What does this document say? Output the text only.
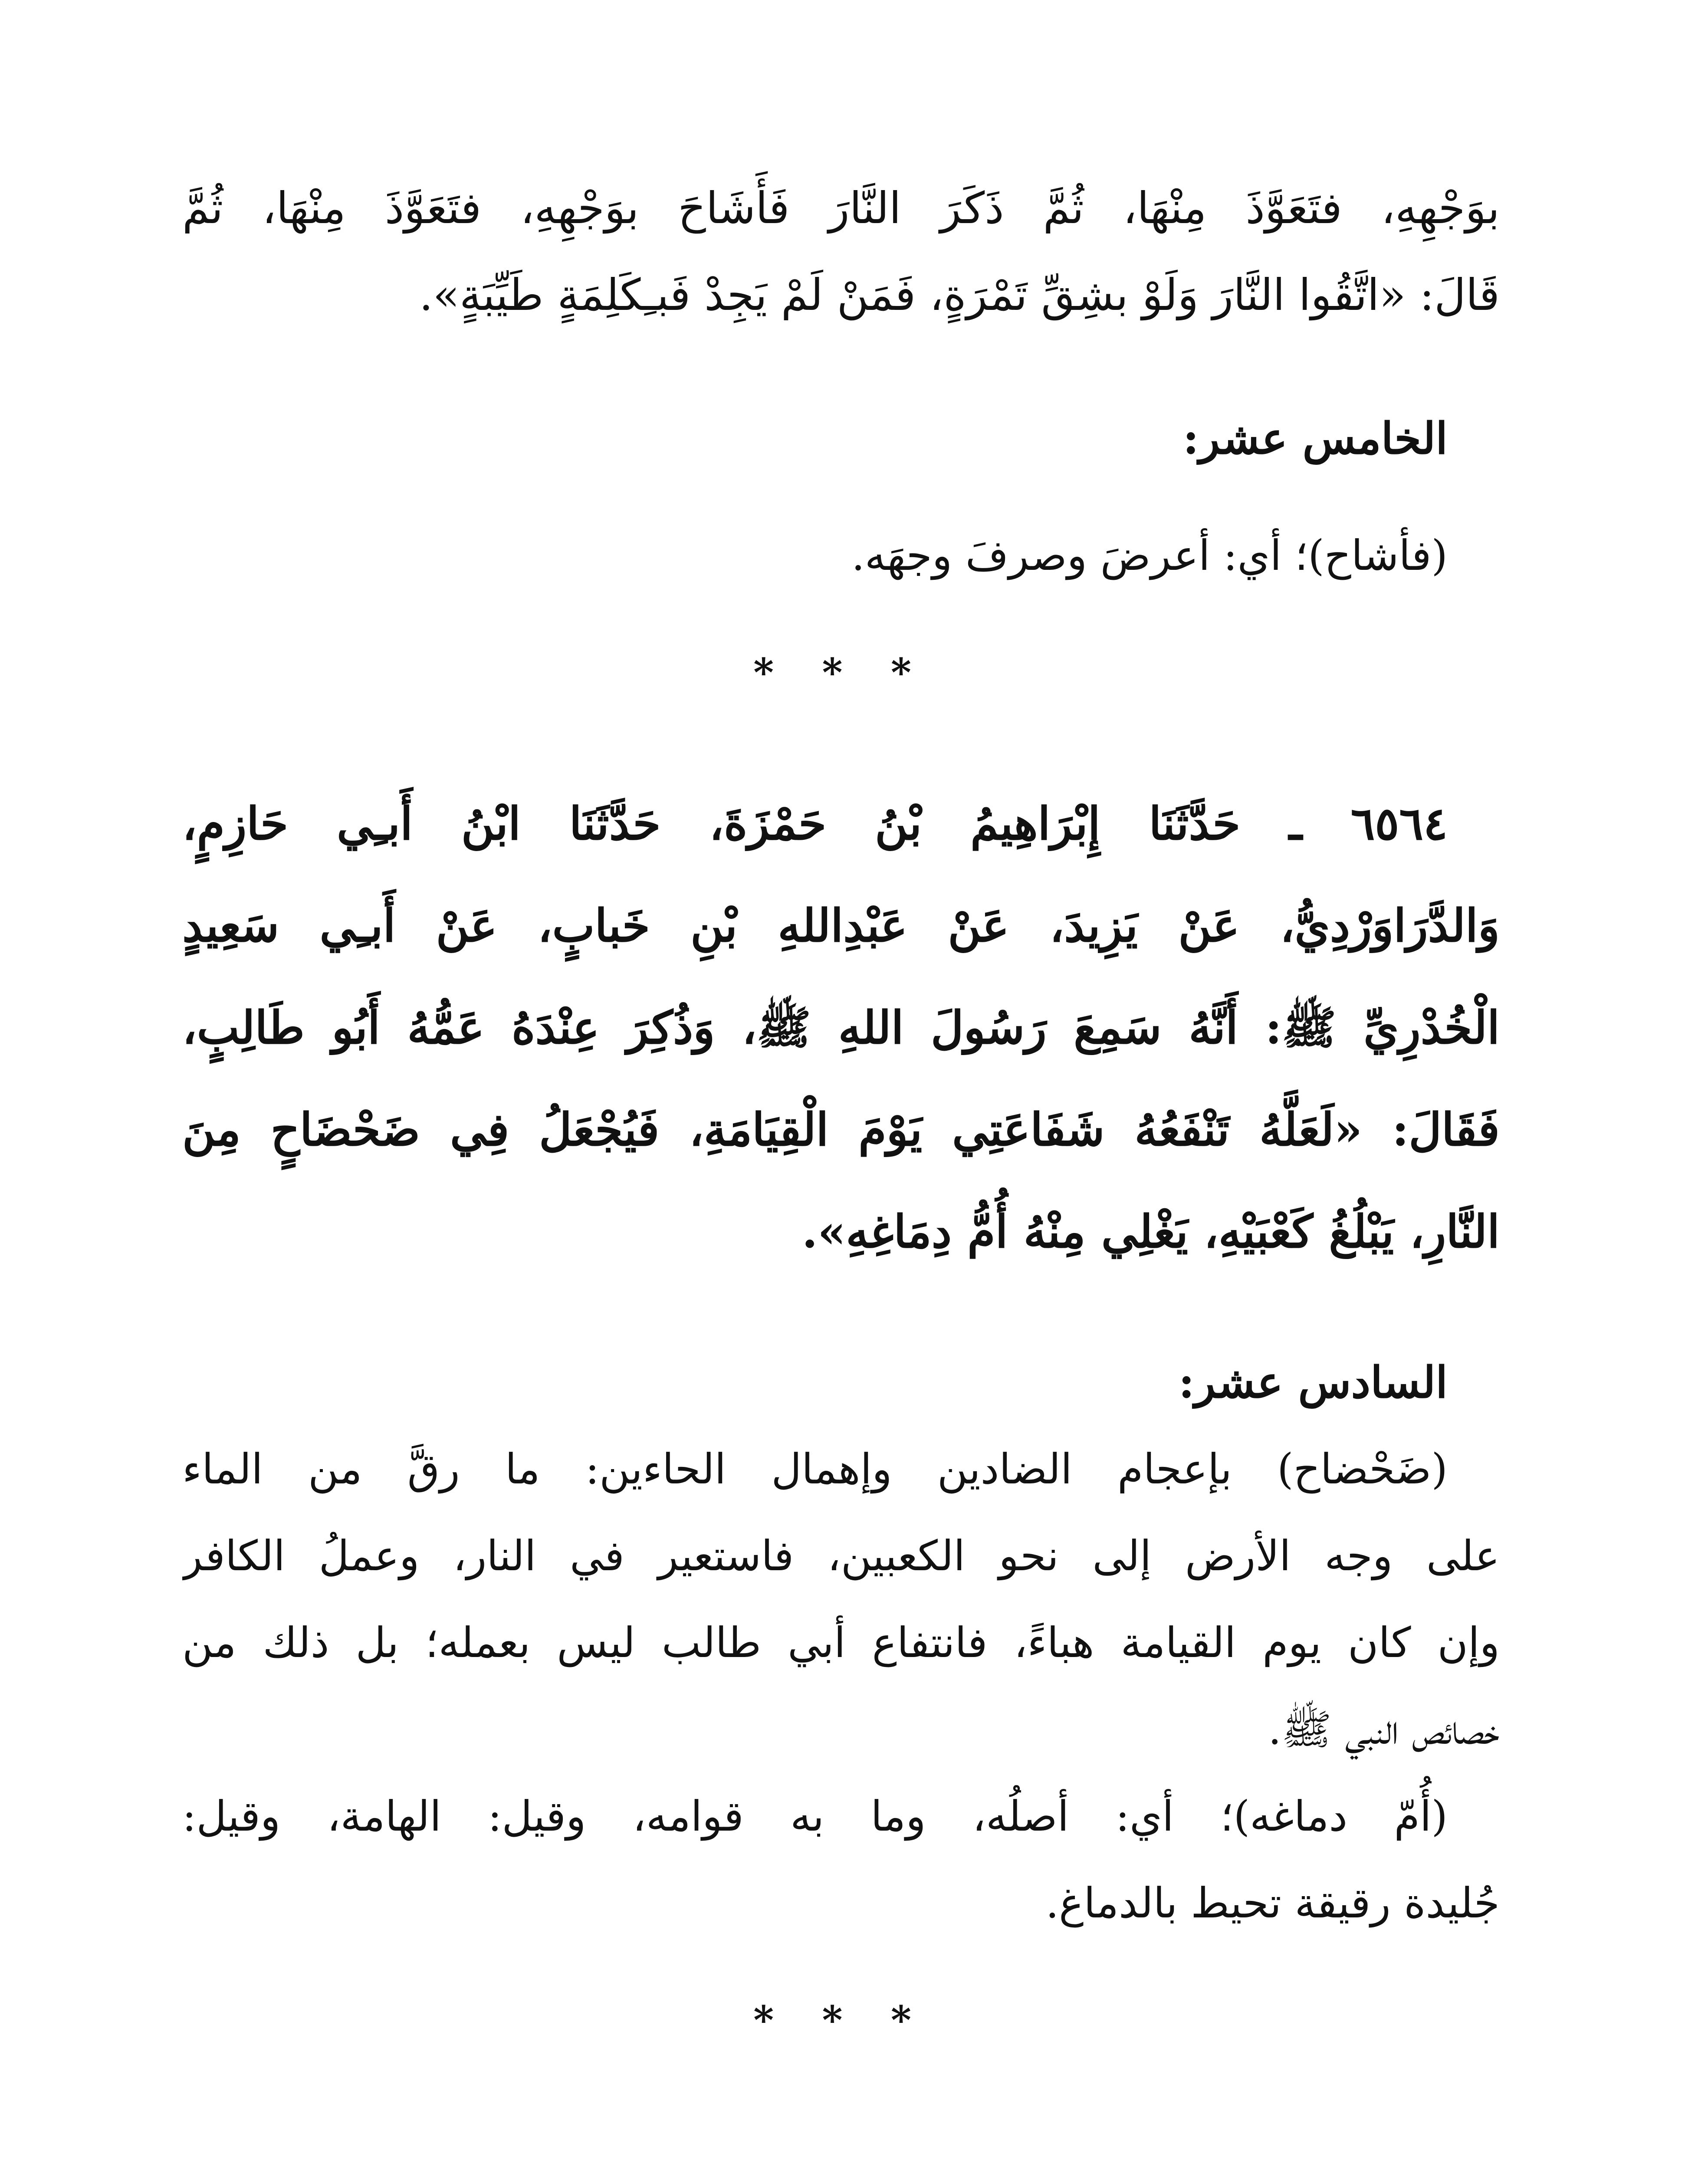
بوَجْهِهِ، فتَعَوَّذَ مِنْهَا، ثُمَّ ذَكَرَ النَّارَ فَأَشَاحَ بوَجْهِهِ، فتَعَوَّذَ مِنْهَا، ثُمَّ
قَالَ: «اتَّقُوا النَّارَ وَلَوْ بشِقِّ تَمْرَةٍ، فَمَنْ لَمْ يَجِدْ فَبـِكَلِمَةٍ طَيِّبَةٍ».
الخامس عشر:
(فأشاح)؛ أي: أعرضَ وصرفَ وجهَه.
* * *
٦٥٦٤ ـ حَدَّثَنَا إِبْرَاهِيمُ بْنُ حَمْزَةَ، حَدَّثَنَا ابْنُ أَبـِي حَازِمٍ،
وَالدَّرَاوَرْدِيُّ، عَنْ يَزِيدَ، عَنْ عَبْدِاللهِ بْنِ خَبابٍ، عَنْ أَبـِي سَعِيدٍ
الْخُدْرِيِّ ﷺ: أَنَّهُ سَمِعَ رَسُولَ اللهِ ﷺ، وَذُكِرَ عِنْدَهُ عَمُّهُ أَبُو طَالِبٍ،
فَقَالَ: «لَعَلَّهُ تَنْفَعُهُ شَفَاعَتِي يَوْمَ الْقِيَامَةِ، فَيُجْعَلُ فِي ضَحْضَاحٍ مِنَ
النَّارِ، يَبْلُغُ كَعْبَيْهِ، يَغْلِي مِنْهُ أُمُّ دِمَاغِهِ».
السادس عشر:
(ضَحْضاح) بإعجام الضادين وإهمال الحاءين: ما رقَّ من الماء
على وجه الأرض إلى نحو الكعبين، فاستعير في النار، وعملُ الكافر
وإن كان يوم القيامة هباءً، فانتفاع أبي طالب ليس بعمله؛ بل ذلك من
خصائص النبي ﷺ.
(أُمّ دماغه)؛ أي: أصلُه، وما به قوامه، وقيل: الهامة، وقيل:
جُليدة رقيقة تحيط بالدماغ.
* * *
